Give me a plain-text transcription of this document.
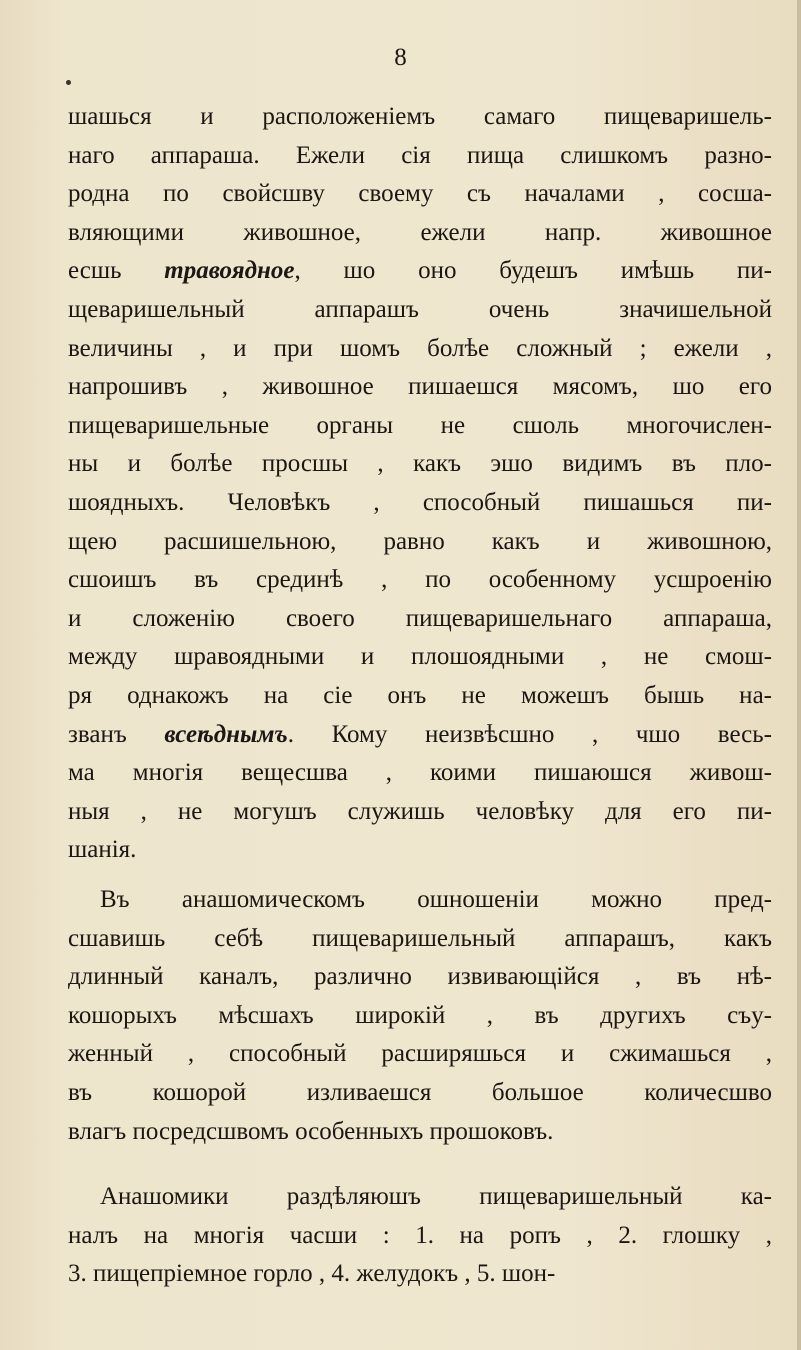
8
шашься и расположенiемъ самаго пищеваришель-
наго аппараша. Ежели сiя пища слишкомъ разно-
родна по свойсшву своему съ началами , сосша-
вляющими живошное, ежели напр. живошное
есшь травоядное, шо оно будешъ имѣшь пи-
щеваришельный аппарашъ очень значишельной
величины , и при шомъ болѣе сложный ; ежели ,
напрошивъ , живошное пишаешся мясомъ, шо его
пищеваришельные органы не сшоль многочислен-
ны и болѣе просшы , какъ эшо видимъ въ пло-
шоядныхъ. Человѣкъ , способный пишашься пи-
щею расшишельною, равно какъ и живошною,
сшоишъ въ срединѣ , по особенному усшроенiю
и сложенiю своего пищеваришельнаго аппараша,
между шравоядными и плошоядными , не смош-
ря однакожъ на сiе онъ не можешъ бышь на-
званъ всеѣднымъ. Кому неизвѣсшно , чшо весь-
ма многiя вещесшва , коими пишаюшся живош-
ныя , не могушъ служишь человѣку для его пи-
шанiя.
Въ анашомическомъ ошношенiи можно пред-
сшавишь себѣ пищеваришельный аппарашъ, какъ
длинный каналъ, различно извивающiйся , въ нѣ-
кошорыхъ мѣсшахъ широкiй , въ другихъ съу-
женный , способный расширяшься и сжимашься ,
въ кошорой изливаешся большое количесшво
влагъ посредсшвомъ особенныхъ прошоковъ.
Анашомики раздѣляюшъ пищеваришельный ка-
налъ на многiя часши : 1. на ропъ , 2. глошку ,
3. пищепрiемное горло , 4. желудокъ , 5. шон-
